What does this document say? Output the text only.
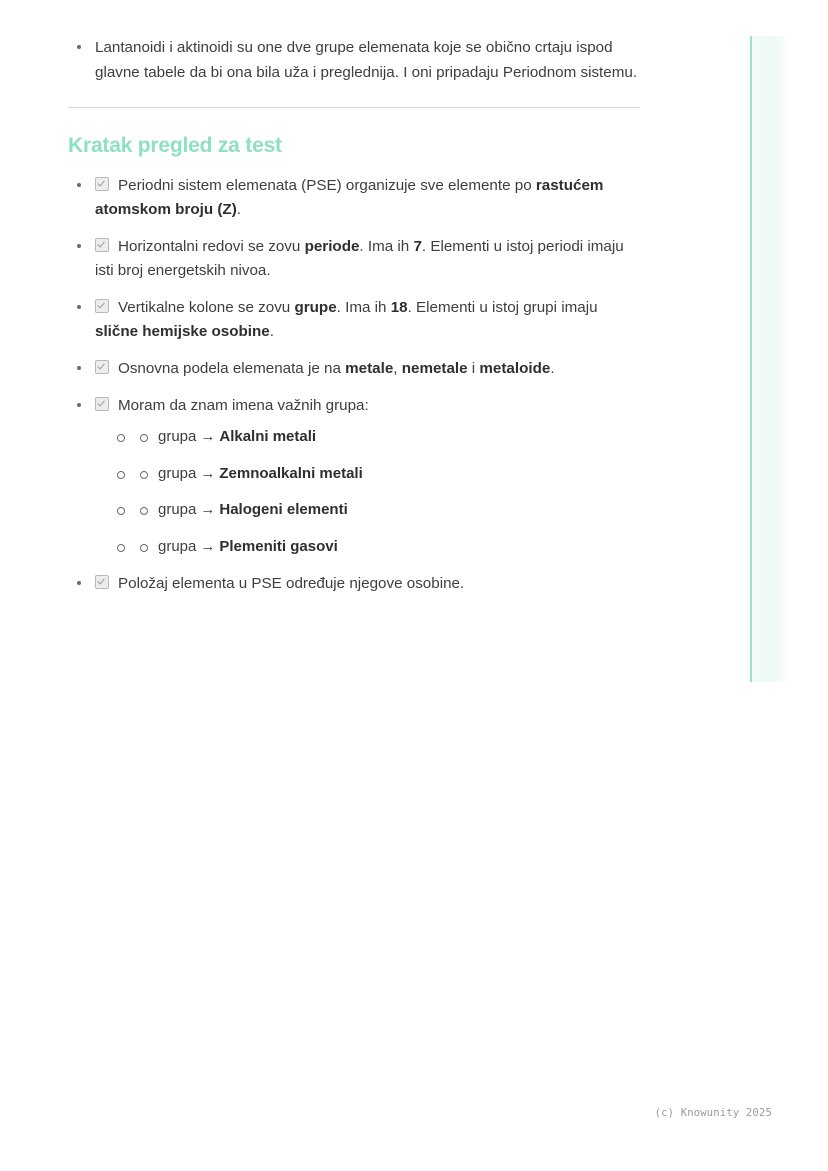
Lantanoidi i aktinoidi su one dve grupe elemenata koje se obično crtaju ispod glavne tabele da bi ona bila uža i preglednija. I oni pripadaju Periodnom sistemu.
Kratak pregled za test
Periodni sistem elemenata (PSE) organizuje sve elemente po rastućem atomskom broju (Z).
Horizontalni redovi se zovu periode. Ima ih 7. Elementi u istoj periodi imaju isti broj energetskih nivoa.
Vertikalne kolone se zovu grupe. Ima ih 18. Elementi u istoj grupi imaju slične hemijske osobine.
Osnovna podela elemenata je na metale, nemetale i metaloide.
Moram da znam imena važnih grupa:
grupa → Alkalni metali
grupa → Zemnoalkalni metali
grupa → Halogeni elementi
grupa → Plemeniti gasovi
Položaj elementa u PSE određuje njegove osobine.
(c) Knowunity 2025
